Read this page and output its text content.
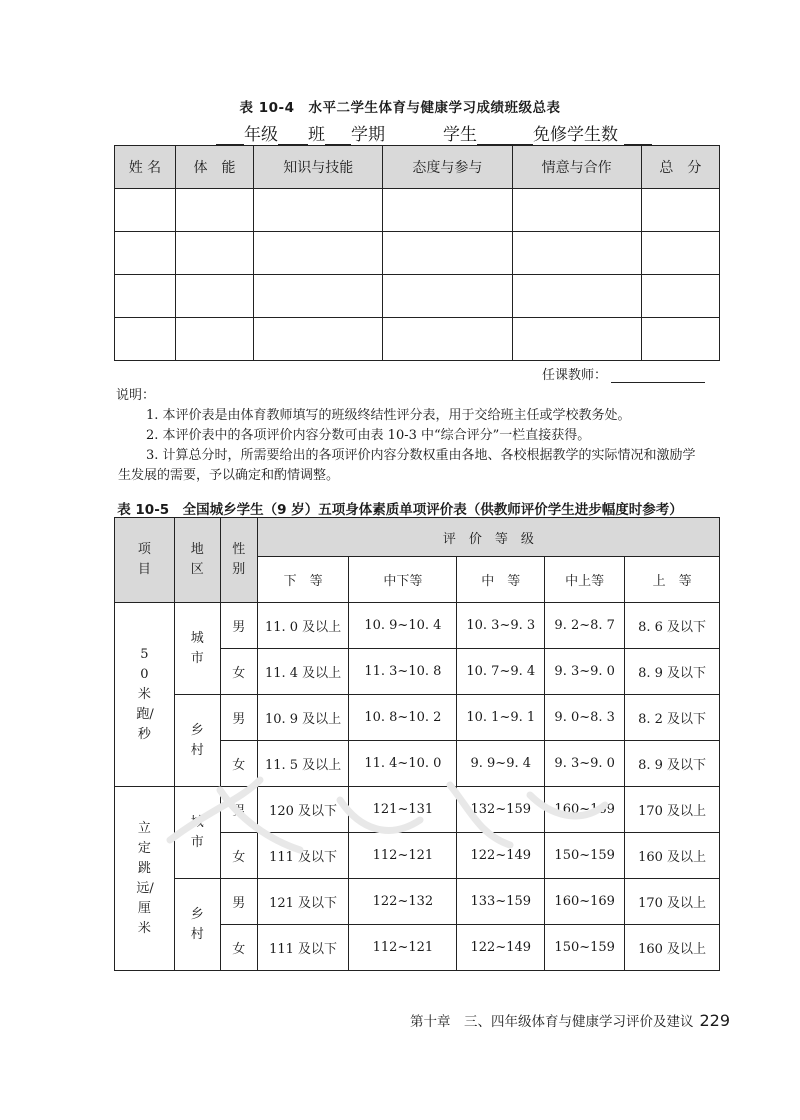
表 10-4　水平二学生体育与健康学习成绩班级总表
年级 班 学期	学生	免修学生数
姓 名	体　能	知识与技能	态度与参与	情意与合作	总　分

任课教师：
说明：
1. 本评价表是由体育教师填写的班级终结性评分表，用于交给班主任或学校教务处。
2. 本评价表中的各项评价内容分数可由表 10-3 中“综合评分”一栏直接获得。
3. 计算总分时，所需要给出的各项评价内容分数权重由各地、各校根据教学的实际情况和激励学
生发展的需要，予以确定和酌情调整。
表 10-5　全国城乡学生（9 岁）五项身体素质单项评价表（供教师评价学生进步幅度时参考）
项目	地区	性别	评　价　等　级				
			下　等	中下等	中　等	中上等	上　等
50米跑/秒	城市	男	11. 0 及以上	10. 9~10. 4	10. 3~9. 3	9. 2~8. 7	8. 6 及以下
		女	11. 4 及以上	11. 3~10. 8	10. 7~9. 4	9. 3~9. 0	8. 9 及以下
	乡村	男	10. 9 及以上	10. 8~10. 2	10. 1~9. 1	9. 0~8. 3	8. 2 及以下
		女	11. 5 及以上	11. 4~10. 0	9. 9~9. 4	9. 3~9. 0	8. 9 及以下
立定跳远/厘米	城市	男	120 及以下	121~131	132~159	160~169	170 及以上
		女	111 及以下	112~121	122~149	150~159	160 及以上
	乡村	男	121 及以下	122~132	133~159	160~169	170 及以上
		女	111 及以下	112~121	122~149	150~159	160 及以上
第十章　三、四年级体育与健康学习评价及建议 229
